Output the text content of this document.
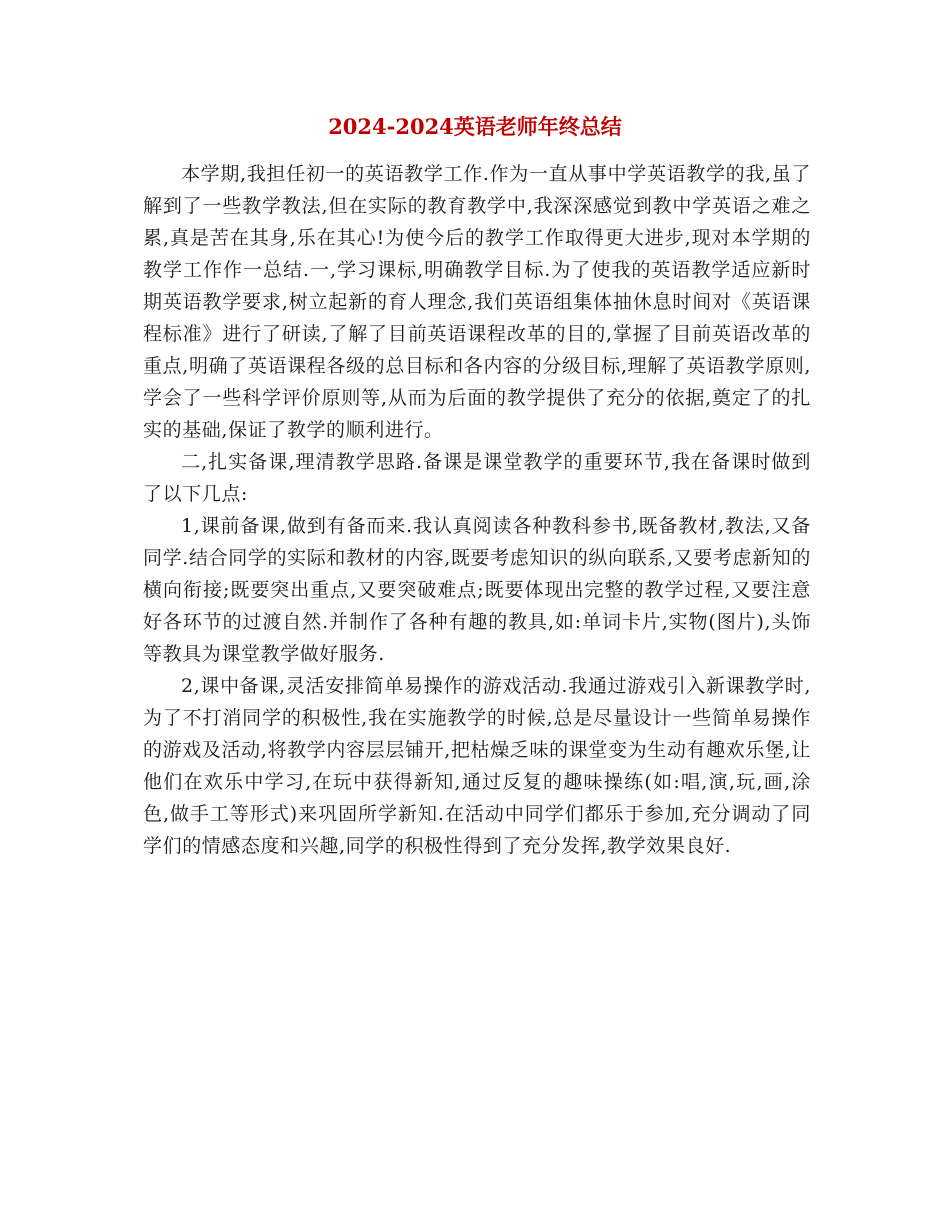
2024-2024英语老师年终总结

本学期,我担任初一的英语教学工作.作为一直从事中学英语教学的我,虽了解到了一些教学教法,但在实际的教育教学中,我深深感觉到教中学英语之难之累,真是苦在其身,乐在其心!为使今后的教学工作取得更大进步,现对本学期的教学工作作一总结.一,学习课标,明确教学目标.为了使我的英语教学适应新时期英语教学要求,树立起新的育人理念,我们英语组集体抽休息时间对《英语课程标准》进行了研读,了解了目前英语课程改革的目的,掌握了目前英语改革的重点,明确了英语课程各级的总目标和各内容的分级目标,理解了英语教学原则,学会了一些科学评价原则等,从而为后面的教学提供了充分的依据,奠定了的扎实的基础,保证了教学的顺利进行。

二,扎实备课,理清教学思路.备课是课堂教学的重要环节,我在备课时做到了以下几点:

1,课前备课,做到有备而来.我认真阅读各种教科参书,既备教材,教法,又备同学.结合同学的实际和教材的内容,既要考虑知识的纵向联系,又要考虑新知的横向衔接;既要突出重点,又要突破难点;既要体现出完整的教学过程,又要注意好各环节的过渡自然.并制作了各种有趣的教具,如:单词卡片,实物(图片),头饰等教具为课堂教学做好服务.

2,课中备课,灵活安排简单易操作的游戏活动.我通过游戏引入新课教学时,为了不打消同学的积极性,我在实施教学的时候,总是尽量设计一些简单易操作的游戏及活动,将教学内容层层铺开,把枯燥乏味的课堂变为生动有趣欢乐堡,让他们在欢乐中学习,在玩中获得新知,通过反复的趣味操练(如:唱,演,玩,画,涂色,做手工等形式)来巩固所学新知.在活动中同学们都乐于参加,充分调动了同学们的情感态度和兴趣,同学的积极性得到了充分发挥,教学效果良好.
